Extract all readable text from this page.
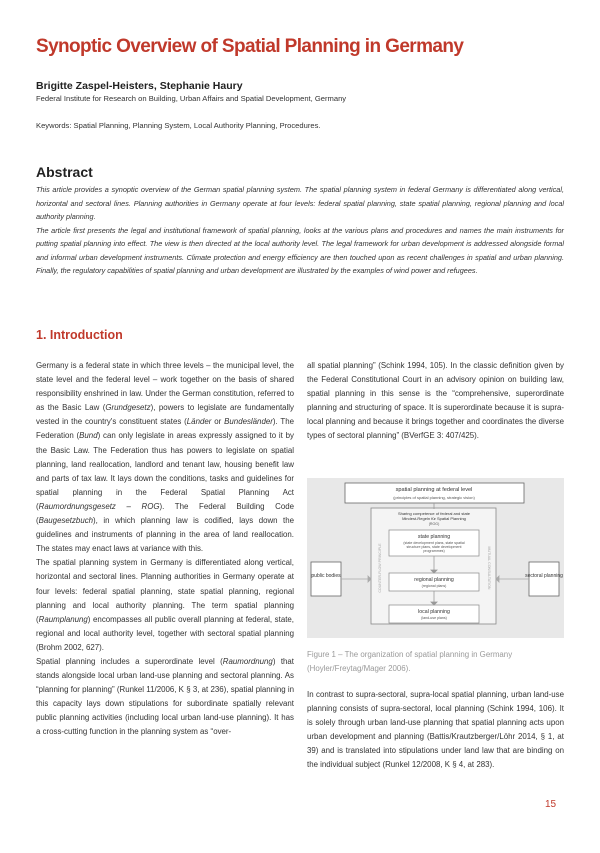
Synoptic Overview of Spatial Planning in Germany
Brigitte Zaspel-Heisters, Stephanie Haury
Federal Institute for Research on Building, Urban Affairs and Spatial Development, Germany
Keywords: Spatial Planning, Planning System, Local Authority Planning, Procedures.
Abstract

This article provides a synoptic overview of the German spatial planning system. The spatial planning system in federal Germany is differentiated along vertical, horizontal and sectoral lines. Planning authorities in Germany operate at four levels: federal spatial planning, state spatial planning, regional planning and local authority planning.

The article first presents the legal and institutional framework of spatial planning, looks at the various plans and procedures and names the main instruments for putting spatial planning into effect. The view is then directed at the local authority level. The legal framework for urban development is addressed alongside formal and informal urban development instruments. Climate protection and energy efficiency are then touched upon as recent challenges in spatial and urban planning. Finally, the regulatory capabilities of spatial planning and urban development are illustrated by the examples of wind power and refugees.

1. Introduction

Germany is a federal state in which three levels – the municipal level, the state level and the federal level – work together on the basis of shared responsibility enshrined in law. Under the German constitution, referred to as the Basic Law (Grundgesetz), powers to legislate are fundamentally vested in the country's constituent states (Länder or Bundesländer). The Federation (Bund) can only legislate in areas expressly assigned to it by the Basic Law. The Federation thus has powers to legislate on spatial planning, land reallocation, landlord and tenant law, housing benefit law and parts of tax law. It lays down the conditions, tasks and guidelines for spatial planning in the Federal Spatial Planning Act (Raumordnungsgesetz – ROG). The Federal Building Code (Baugesetzbuch), in which planning law is codified, lays down the guidelines and instruments of planning in the area of land reallocation. The states may enact laws at variance with this.

The spatial planning system in Germany is differentiated along vertical, horizontal and sectoral lines. Planning authorities in Germany operate at four levels: federal spatial planning, state spatial planning, regional planning and local authority planning. The term spatial planning (Raumplanung) encompasses all public overall planning at federal, state, regional and local authority level, together with sectoral spatial planning (Brohm 2002, 627).

Spatial planning includes a superordinate level (Raumordnung) that stands alongside local urban land-use planning and sectoral planning. As “planning for planning” (Runkel 11/2006, K § 3, at 236), spatial planning in this capacity lays down stipulations for subordinate spatially relevant public planning activities (including local urban land-use planning). It has a cross-cutting function in the planning system as “over-

all spatial planning” (Schink 1994, 105). In the classic definition given by the Federal Constitutional Court in an advisory opinion on building law, spatial planning in this sense is the “comprehensive, superordinate planning and structuring of space. It is superordinate because it is supra-local planning and because it brings together and coordinates the diverse types of sectoral planning” (BVerfGE 3: 407/425).

spatial planning at federal level
(principles of spatial planning, strategic vision)
Sharing competence of federal and state
Mindest-Regeln für Spatial Planning
(ROG)
state planning
(state development plans, state spatial
structure plans, state development
programmes)
regional planning
(regional plans)
local planning
(land-use plans)
public bodies	sectoral planning
COUNTER-FLOW PRINCIPLE	MUTUAL CONSULTATION
Figure 1 – The organization of spatial planning in Germany (Hoyler/Freytag/Mager 2006).

In contrast to supra-sectoral, supra-local spatial planning, urban land-use planning consists of supra-sectoral, local planning (Schink 1994, 106). It is solely through urban land-use planning that spatial planning acts upon urban development and planning (Battis/Krautzberger/Löhr 2014, § 1, at 39) and is translated into stipulations under land law that are binding on the individual subject (Runkel 12/2008, K § 4, at 283).

15
